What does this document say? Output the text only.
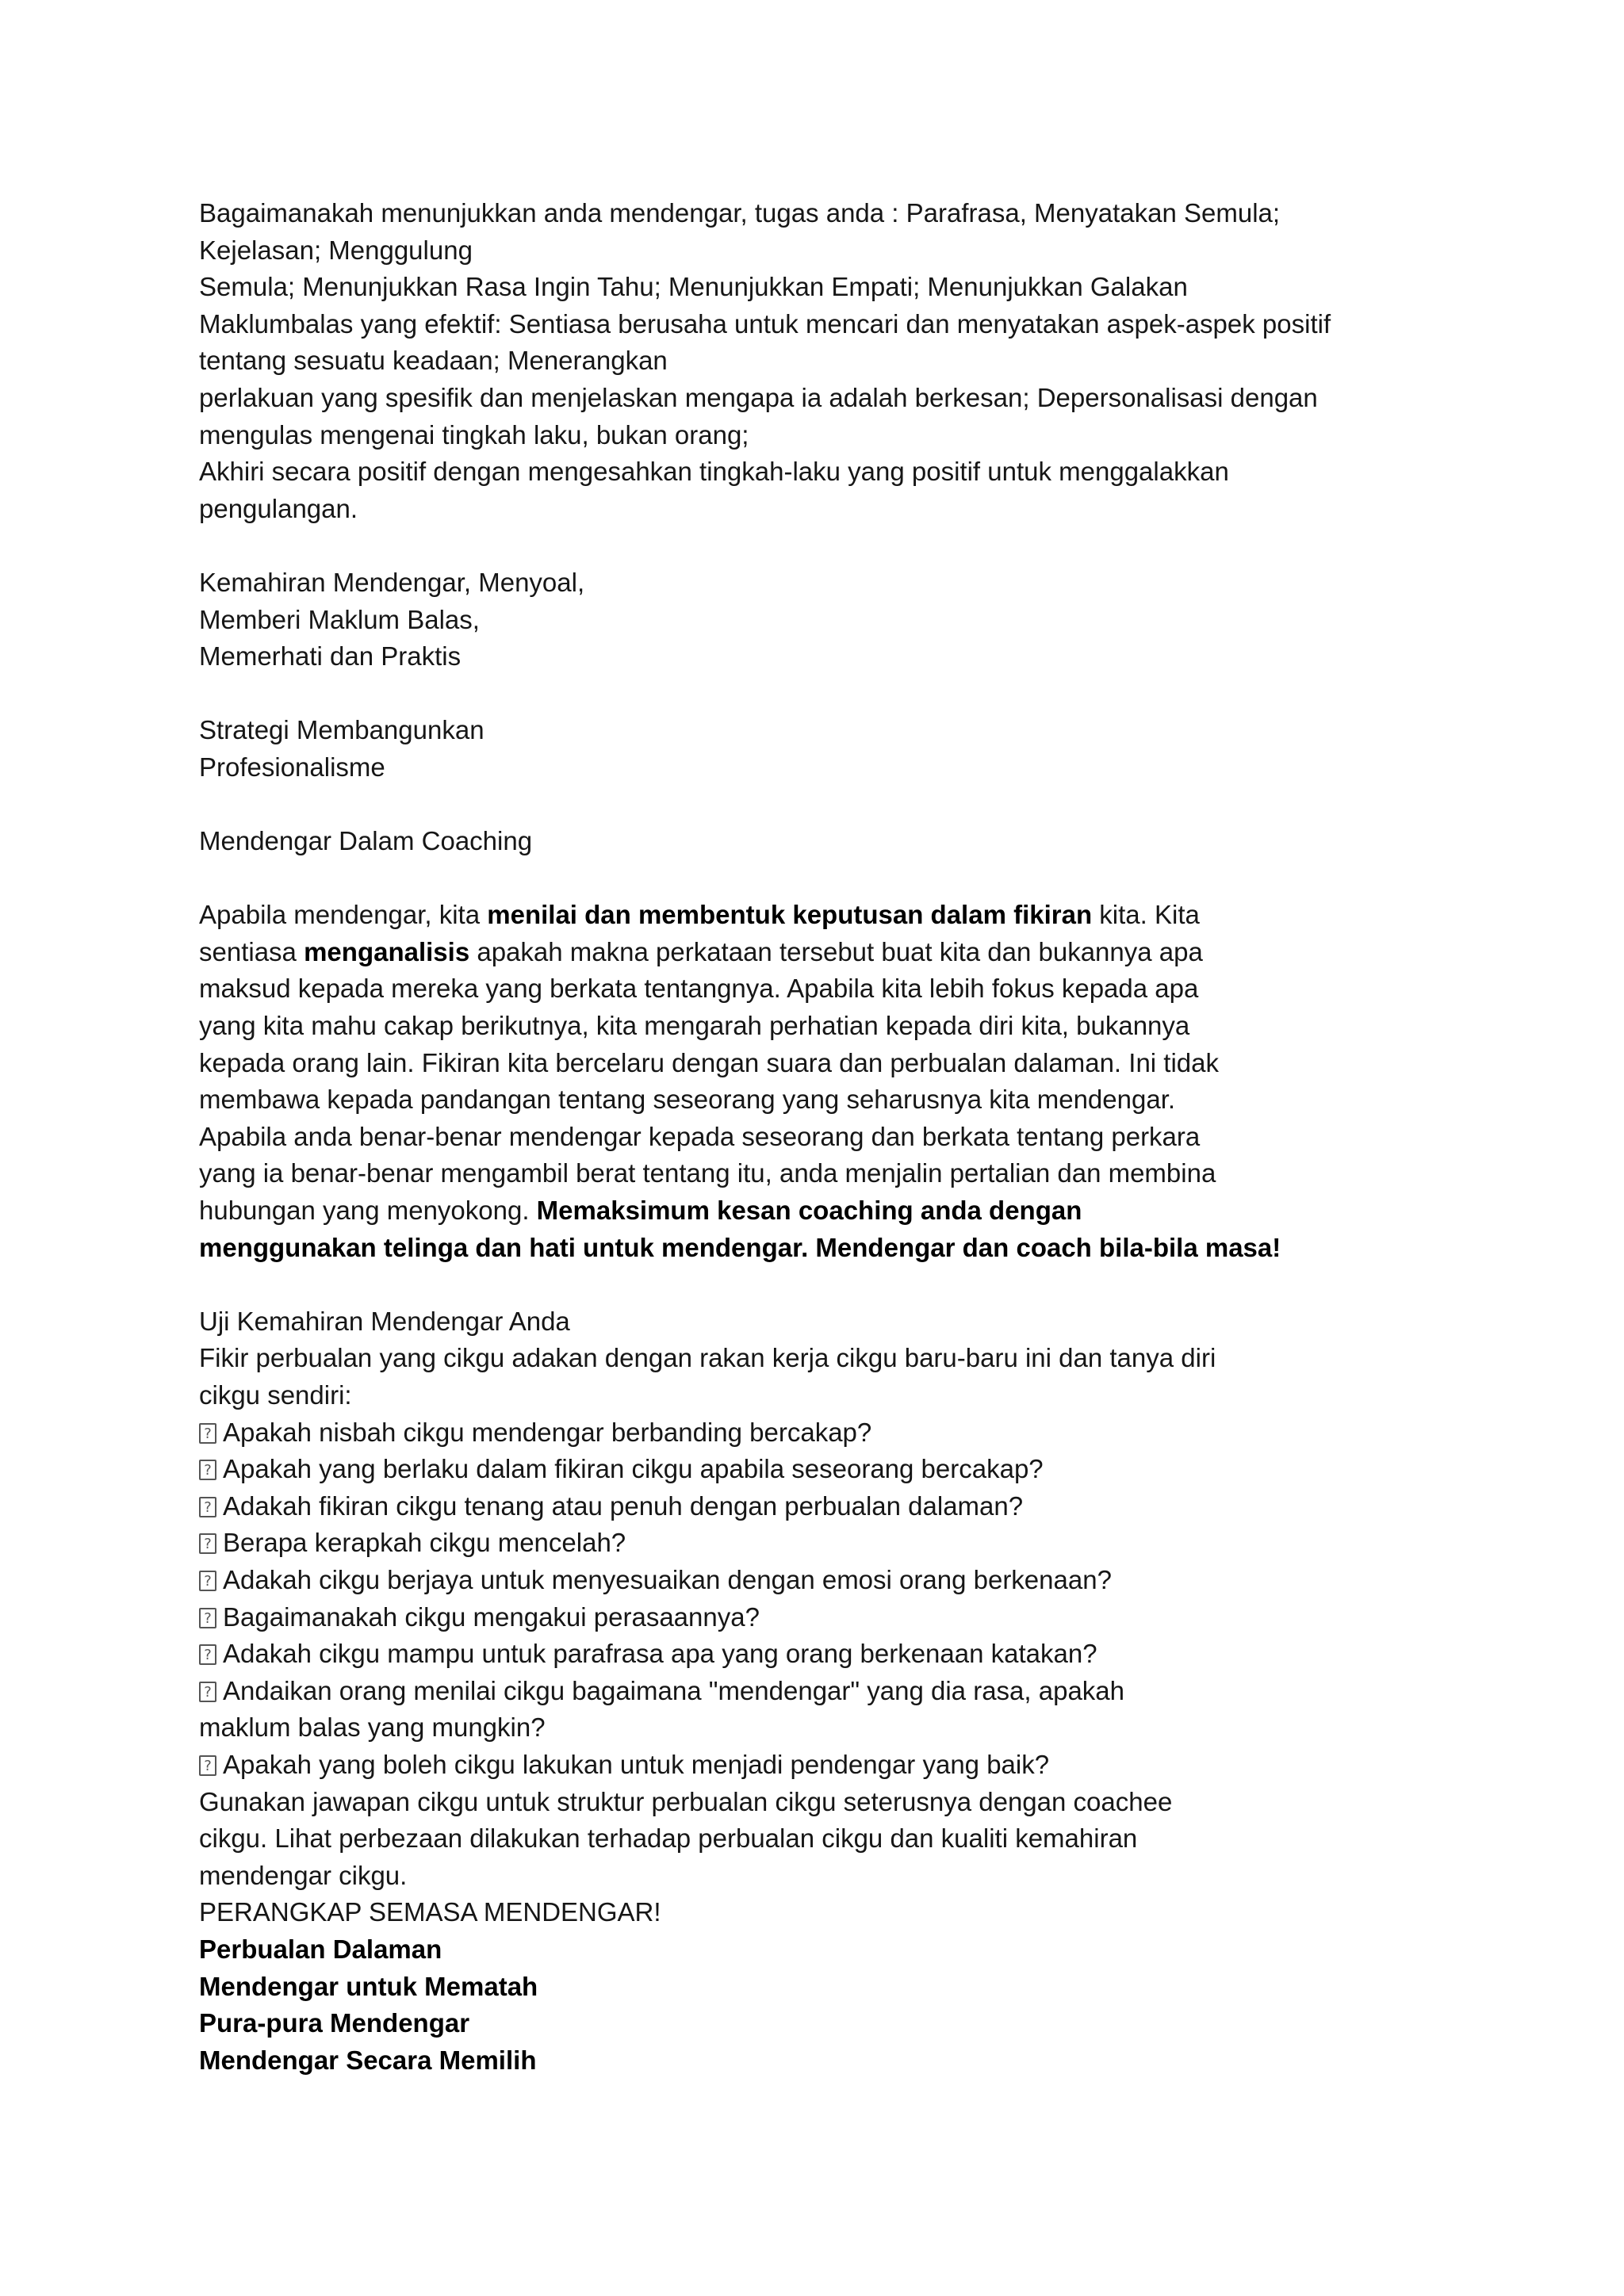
Bagaimanakah menunjukkan anda mendengar, tugas anda : Parafrasa, Menyatakan Semula;
Kejelasan; Menggulung
Semula; Menunjukkan Rasa Ingin Tahu; Menunjukkan Empati; Menunjukkan Galakan
Maklumbalas yang efektif: Sentiasa berusaha untuk mencari dan menyatakan aspek-aspek positif
tentang sesuatu keadaan; Menerangkan
perlakuan yang spesifik dan menjelaskan mengapa ia adalah berkesan; Depersonalisasi dengan
mengulas mengenai tingkah laku, bukan orang;
Akhiri secara positif dengan mengesahkan tingkah-laku yang positif untuk menggalakkan
pengulangan.
Kemahiran Mendengar, Menyoal,
Memberi Maklum Balas,
Memerhati dan Praktis
Strategi Membangunkan
Profesionalisme
Mendengar Dalam Coaching
Apabila mendengar, kita menilai dan membentuk keputusan dalam fikiran kita. Kita
sentiasa menganalisis apakah makna perkataan tersebut buat kita dan bukannya apa
maksud kepada mereka yang berkata tentangnya. Apabila kita lebih fokus kepada apa
yang kita mahu cakap berikutnya, kita mengarah perhatian kepada diri kita, bukannya
kepada orang lain. Fikiran kita bercelaru dengan suara dan perbualan dalaman. Ini tidak
membawa kepada pandangan tentang seseorang yang seharusnya kita mendengar.
Apabila anda benar-benar mendengar kepada seseorang dan berkata tentang perkara
yang ia benar-benar mengambil berat tentang itu, anda menjalin pertalian dan membina
hubungan yang menyokong. Memaksimum kesan coaching anda dengan
menggunakan telinga dan hati untuk mendengar. Mendengar dan coach bila-bila masa!
Uji Kemahiran Mendengar Anda
Fikir perbualan yang cikgu adakan dengan rakan kerja cikgu baru-baru ini dan tanya diri
cikgu sendiri:
?Apakah nisbah cikgu mendengar berbanding bercakap?
?Apakah yang berlaku dalam fikiran cikgu apabila seseorang bercakap?
?Adakah fikiran cikgu tenang atau penuh dengan perbualan dalaman?
?Berapa kerapkah cikgu mencelah?
?Adakah cikgu berjaya untuk menyesuaikan dengan emosi orang berkenaan?
?Bagaimanakah cikgu mengakui perasaannya?
?Adakah cikgu mampu untuk parafrasa apa yang orang berkenaan katakan?
?Andaikan orang menilai cikgu bagaimana "mendengar" yang dia rasa, apakah
maklum balas yang mungkin?
?Apakah yang boleh cikgu lakukan untuk menjadi pendengar yang baik?
Gunakan jawapan cikgu untuk struktur perbualan cikgu seterusnya dengan coachee
cikgu. Lihat perbezaan dilakukan terhadap perbualan cikgu dan kualiti kemahiran
mendengar cikgu.
PERANGKAP SEMASA MENDENGAR!
Perbualan Dalaman
Mendengar untuk Mematah
Pura-pura Mendengar
Mendengar Secara Memilih
